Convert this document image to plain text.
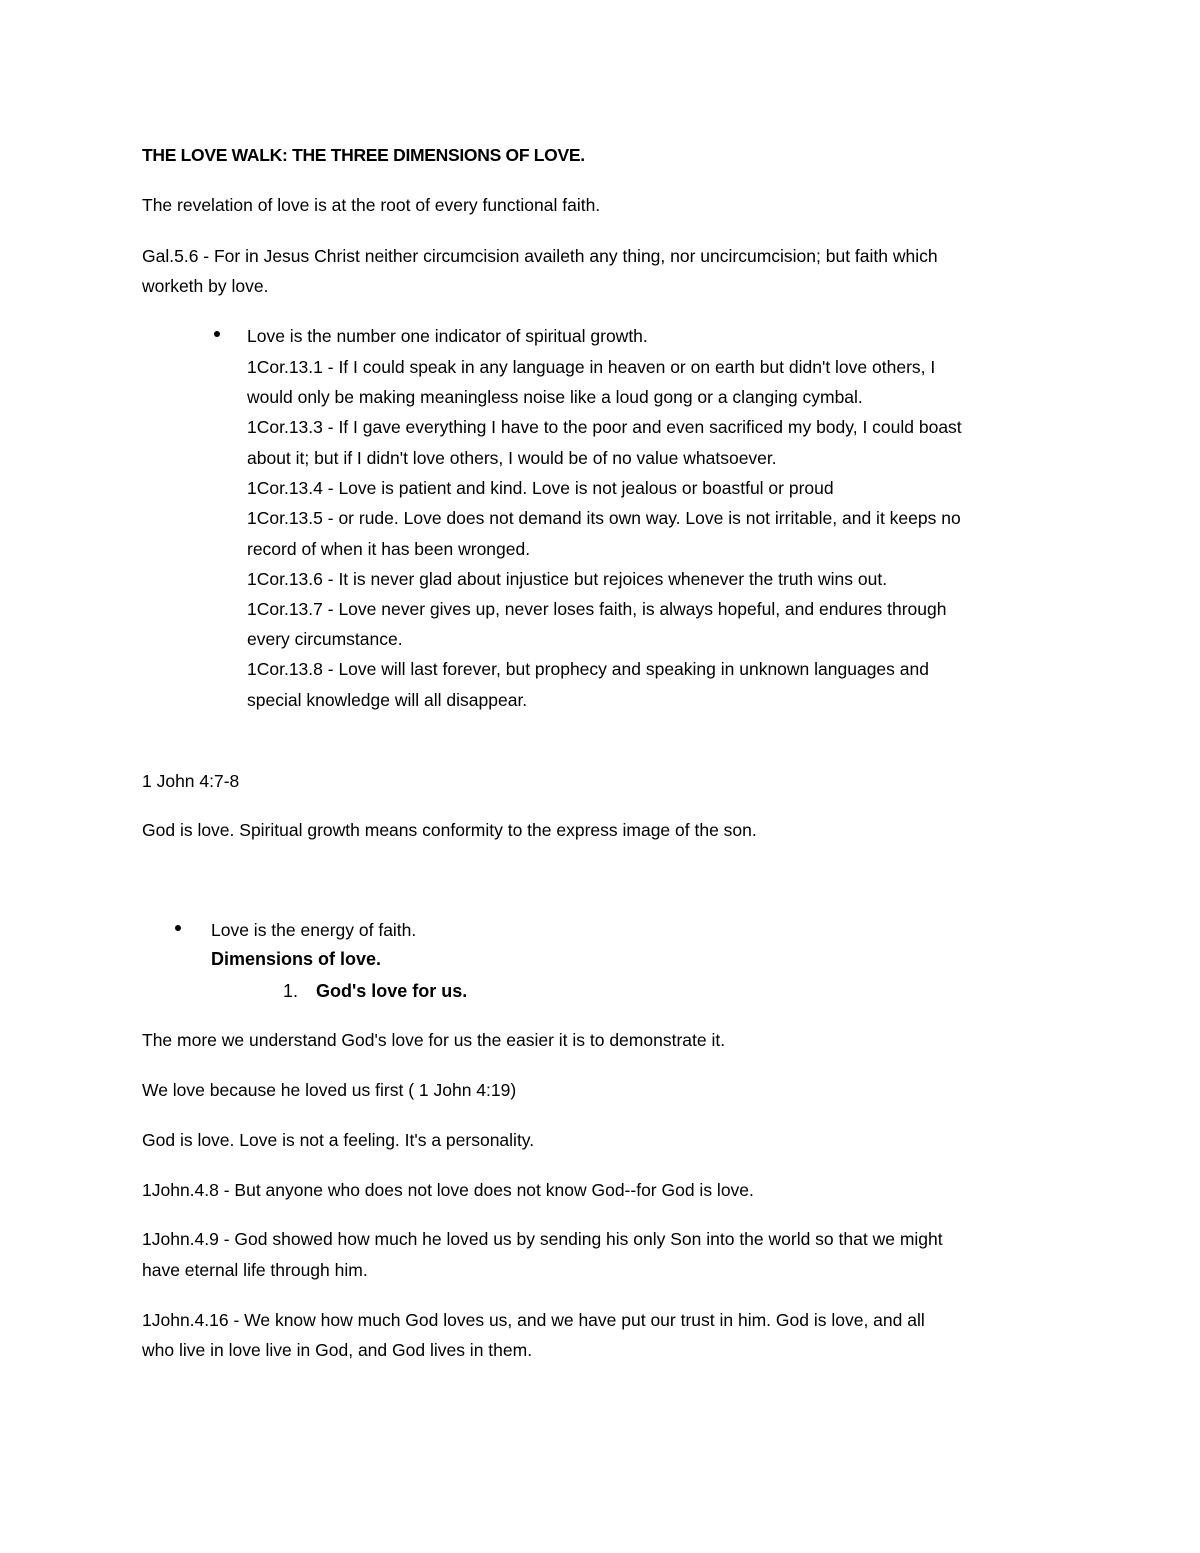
THE LOVE WALK: THE THREE DIMENSIONS OF LOVE.
The revelation of love is at the root of every functional faith.
Gal.5.6 - For in Jesus Christ neither circumcision availeth any thing, nor uncircumcision; but faith which
worketh by love.
Love is the number one indicator of spiritual growth.
1Cor.13.1 - If I could speak in any language in heaven or on earth but didn't love others, I
would only be making meaningless noise like a loud gong or a clanging cymbal.
1Cor.13.3 - If I gave everything I have to the poor and even sacrificed my body, I could boast
about it; but if I didn't love others, I would be of no value whatsoever.
1Cor.13.4 - Love is patient and kind. Love is not jealous or boastful or proud
1Cor.13.5 - or rude. Love does not demand its own way. Love is not irritable, and it keeps no
record of when it has been wronged.
1Cor.13.6 - It is never glad about injustice but rejoices whenever the truth wins out.
1Cor.13.7 - Love never gives up, never loses faith, is always hopeful, and endures through
every circumstance.
1Cor.13.8 - Love will last forever, but prophecy and speaking in unknown languages and
special knowledge will all disappear.
1 John 4:7-8
God is love. Spiritual growth means conformity to the express image of the son.
Love is the energy of faith.
Dimensions of love.
1. God's love for us.
The more we understand God's love for us the easier it is to demonstrate it.
We love because he loved us first ( 1 John 4:19)
God is love. Love is not a feeling. It's a personality.
1John.4.8 - But anyone who does not love does not know God--for God is love.
1John.4.9 - God showed how much he loved us by sending his only Son into the world so that we might
have eternal life through him.
1John.4.16 - We know how much God loves us, and we have put our trust in him. God is love, and all
who live in love live in God, and God lives in them.
